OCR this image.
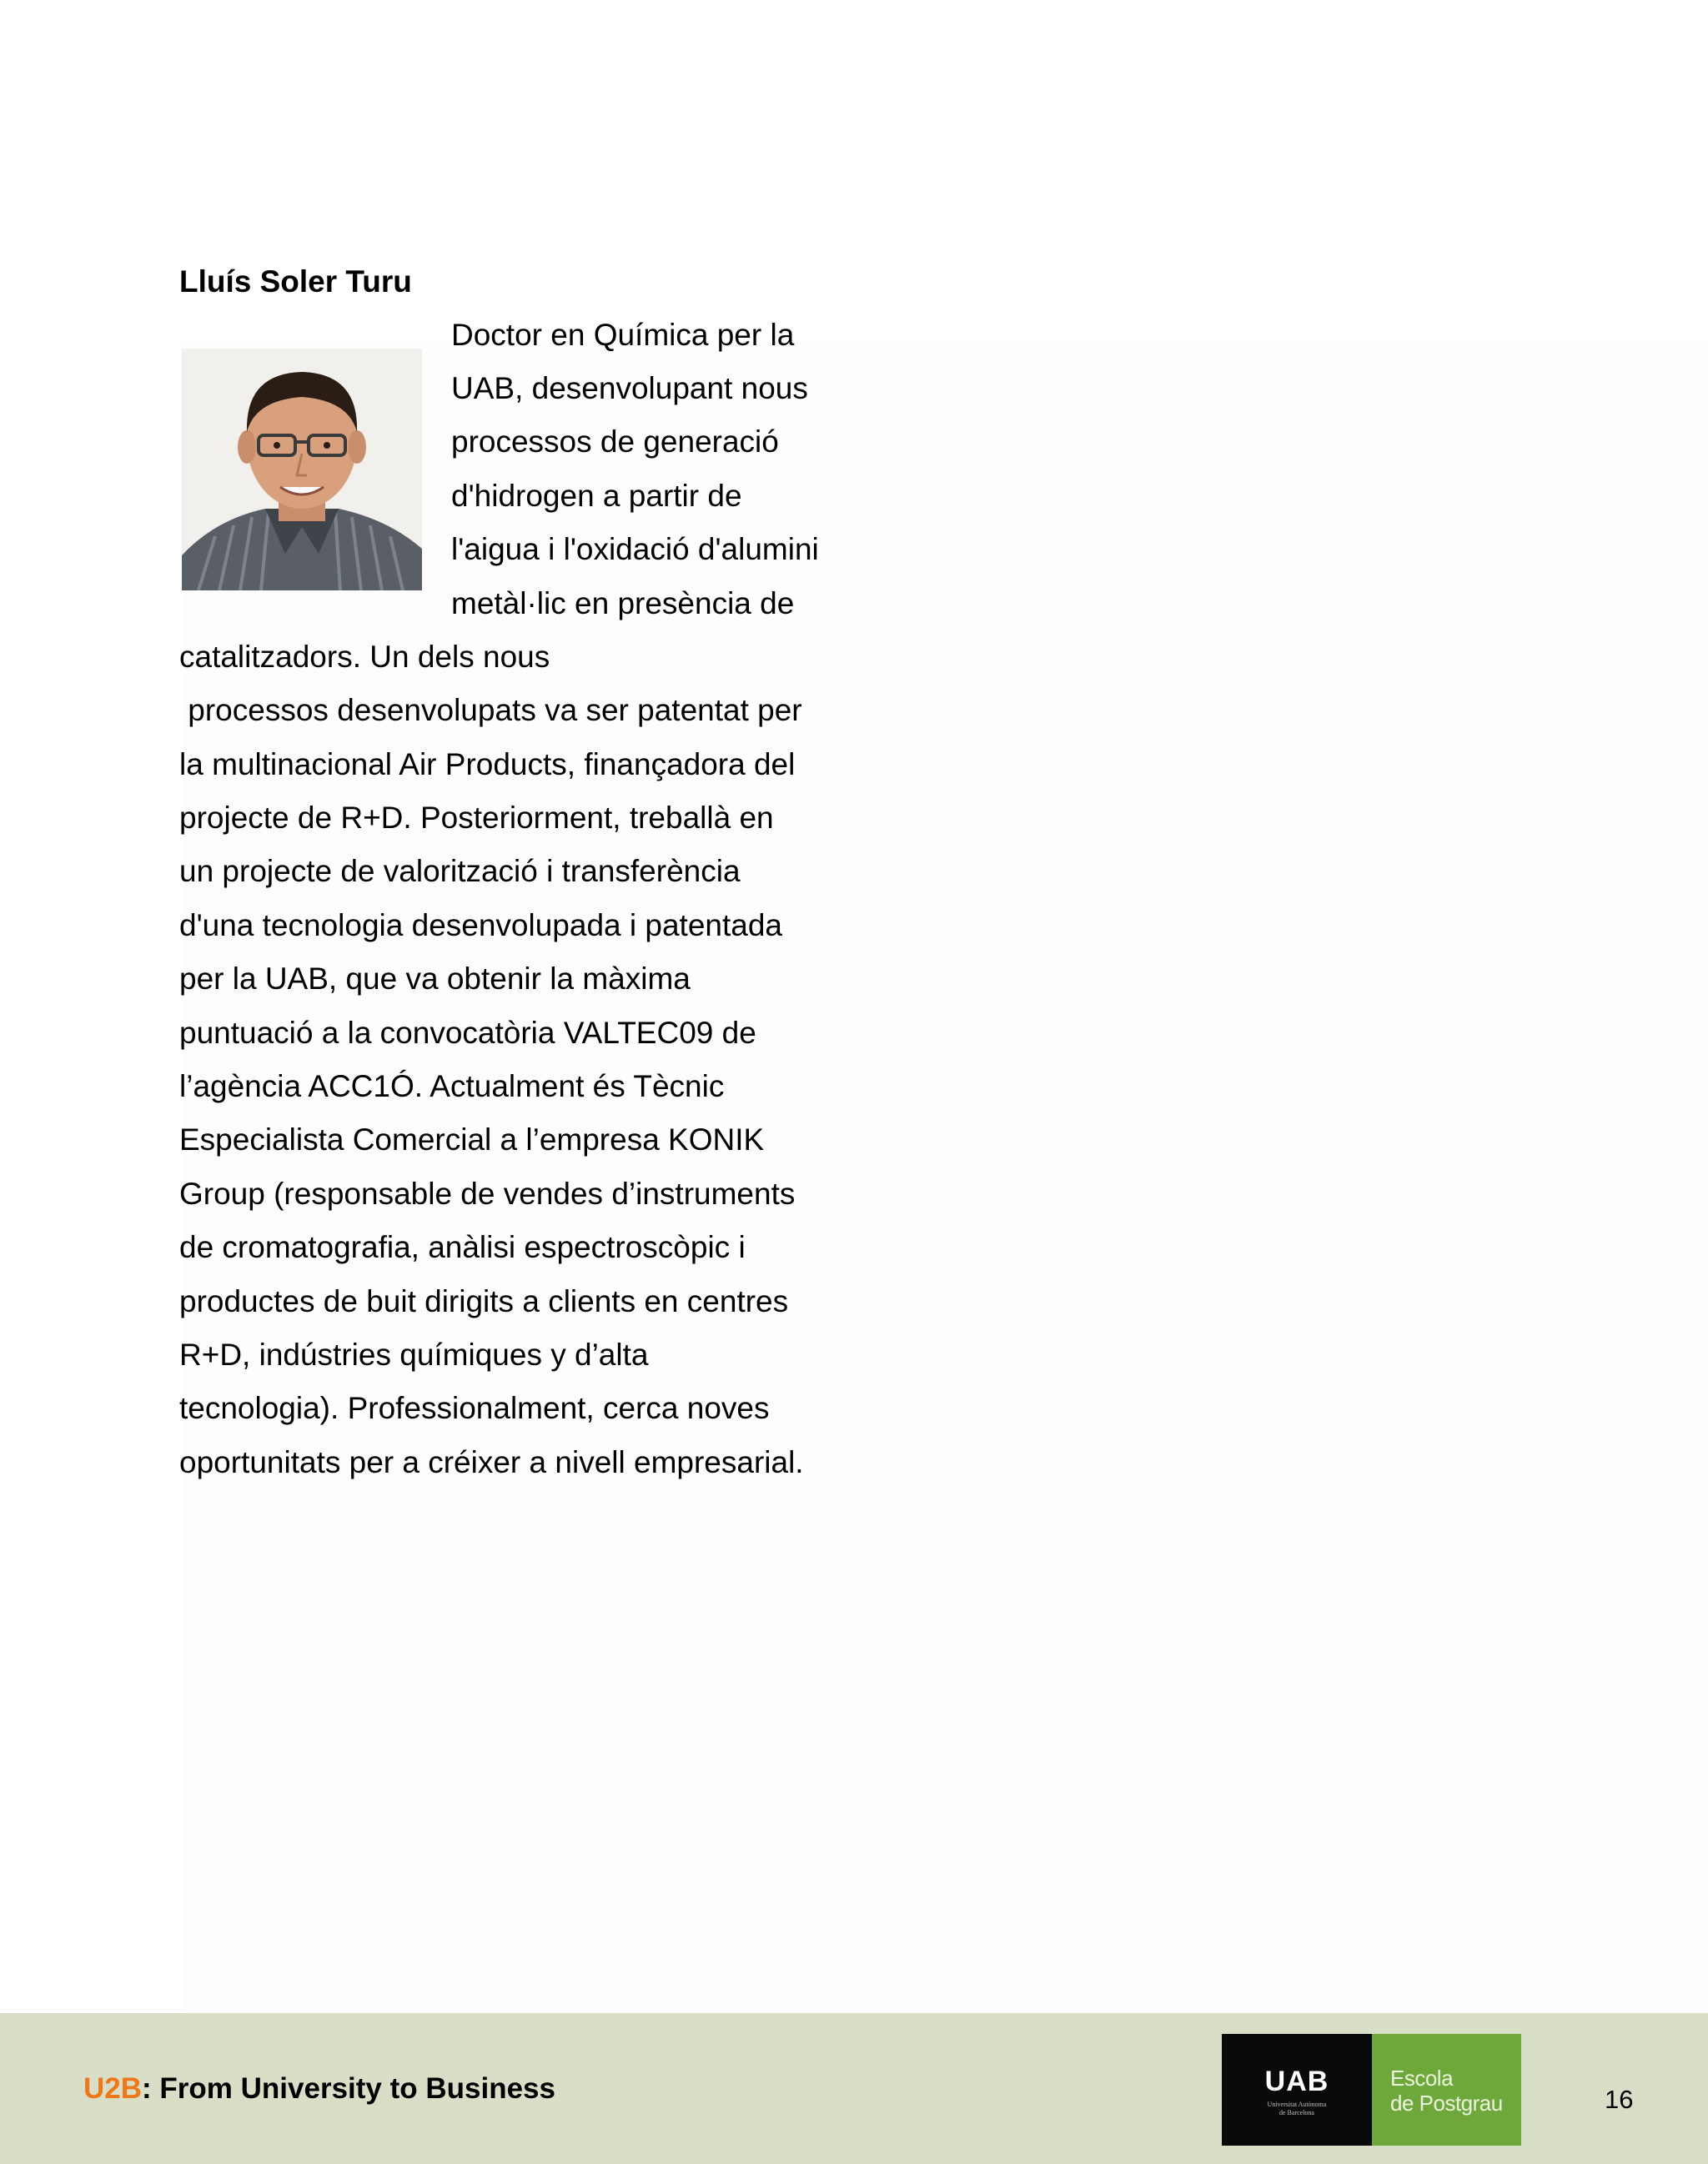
Lluís Soler Turu

Doctor en Química per la

UAB, desenvolupant nous

processos de generació

d'hidrogen a partir de

l'aigua i l'oxidació d'alumini

metàl·lic en presència de

catalitzadors. Un dels nous

processos desenvolupats va ser patentat per

la multinacional Air Products, finançadora del

projecte de R+D. Posteriorment, treballà en

un projecte de valorització i transferència

d'una tecnologia desenvolupada i patentada

per la UAB, que va obtenir la màxima

puntuació a la convocatòria VALTEC09 de

l’agència ACC1Ó. Actualment és Tècnic

Especialista Comercial a l’empresa KONIK

Group (responsable de vendes d’instruments

de cromatografia, anàlisi espectroscòpic i

productes de buit dirigits a clients en centres

R+D, indústries químiques y d’alta

tecnologia). Professionalment, cerca noves

oportunitats per a créixer a nivell empresarial.

U2B: From University to Business	UAB

Universitat Autònoma
de Barcelona

Escola
de Postgrau	16
